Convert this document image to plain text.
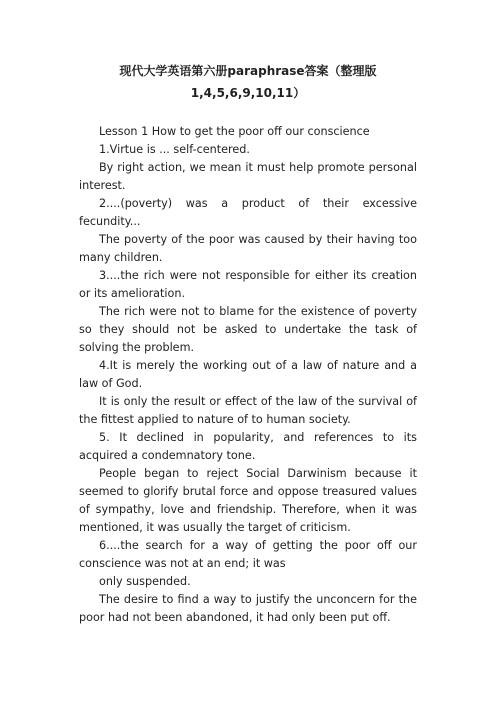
现代大学英语第六册paraphrase答案（整理版
1,4,5,6,9,10,11）

Lesson 1 How to get the poor off our conscience

1.Virtue is ... self-centered.

By right action, we mean it must help promote personal interest.

2....(poverty) was a product of their excessive fecundity...

The poverty of the poor was caused by their having too many children.

3....the rich were not responsible for either its creation or its amelioration.

The rich were not to blame for the existence of poverty so they should not be asked to undertake the task of solving the problem.

4.It is merely the working out of a law of nature and a law of God.

It is only the result or effect of the law of the survival of the fittest applied to nature of to human society.

5. It declined in popularity, and references to its acquired a condemnatory tone.

People began to reject Social Darwinism because it seemed to glorify brutal force and oppose treasured values of sympathy, love and friendship. Therefore, when it was mentioned, it was usually the target of criticism.

6....the search for a way of getting the poor off our conscience was not at an end; it was

only suspended.

The desire to find a way to justify the unconcern for the poor had not been abandoned, it had only been put off.
